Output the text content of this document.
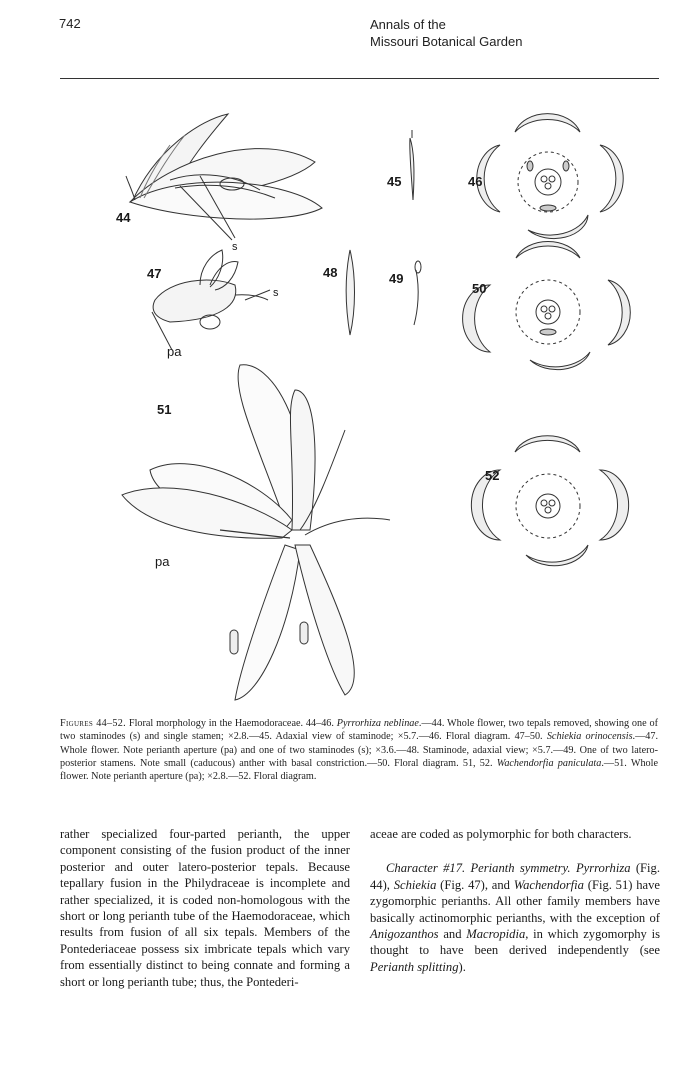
742	Annals of the
Missouri Botanical Garden
44
45	46
47	48	49
50
51
52
s
s
pa
pa
Figures 44–52. Floral morphology in the Haemodoraceae. 44–46. Pyrrorhiza neblinae.—44. Whole flower, two tepals removed, showing one of two staminodes (s) and single stamen; ×2.8.—45. Adaxial view of staminode; ×5.7.—46. Floral diagram. 47–50. Schiekia orinocensis.—47. Whole flower. Note perianth aperture (pa) and one of two staminodes (s); ×3.6.—48. Staminode, adaxial view; ×5.7.—49. One of two latero-posterior stamens. Note small (caducous) anther with basal constriction.—50. Floral diagram. 51, 52. Wachendorfia paniculata.—51. Whole flower. Note perianth aperture (pa); ×2.8.—52. Floral diagram.

rather specialized four-parted perianth, the upper component consisting of the fusion product of the inner posterior and outer latero-posterior tepals. Because tepallary fusion in the Philydraceae is incomplete and rather specialized, it is coded non-homologous with the short or long perianth tube of the Haemodoraceae, which results from fusion of all six tepals. Members of the Pontederiaceae possess six imbricate tepals which vary from essentially distinct to being connate and forming a short or long perianth tube; thus, the Pontederi-

aceae are coded as polymorphic for both characters.

Character #17. Perianth symmetry. Pyrrorhiza (Fig. 44), Schiekia (Fig. 47), and Wachendorfia (Fig. 51) have zygomorphic perianths. All other family members have basically actinomorphic perianths, with the exception of Anigozanthos and Macropidia, in which zygomorphy is thought to have been derived independently (see Perianth splitting).
